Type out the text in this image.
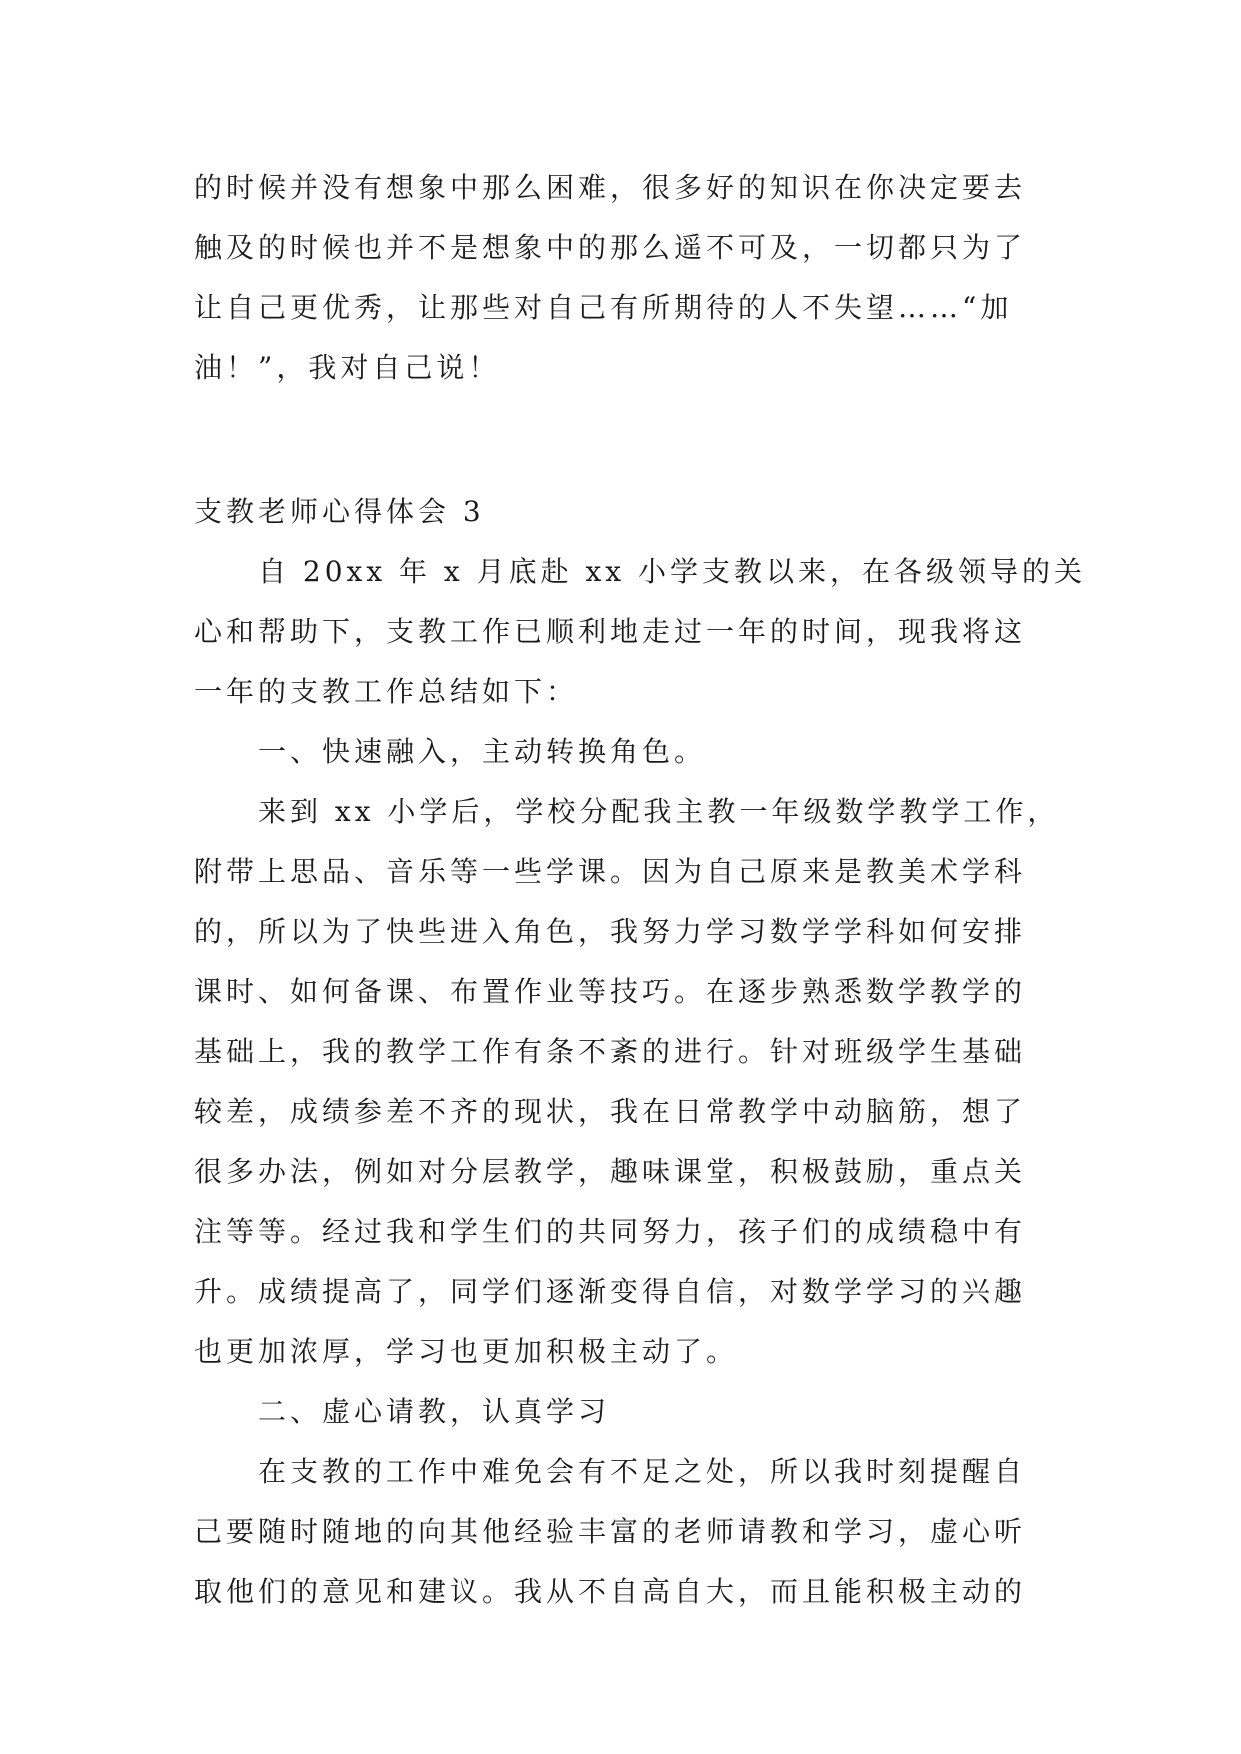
的时候并没有想象中那么困难，很多好的知识在你决定要去
触及的时候也并不是想象中的那么遥不可及，一切都只为了
让自己更优秀，让那些对自己有所期待的人不失望……“加
油！”，我对自己说！
支教老师心得体会 3
自 20xx 年 x 月底赴 xx 小学支教以来，在各级领导的关
心和帮助下，支教工作已顺利地走过一年的时间，现我将这
一年的支教工作总结如下：
一、快速融入，主动转换角色。
来到 xx 小学后，学校分配我主教一年级数学教学工作，
附带上思品、音乐等一些学课。因为自己原来是教美术学科
的，所以为了快些进入角色，我努力学习数学学科如何安排
课时、如何备课、布置作业等技巧。在逐步熟悉数学教学的
基础上，我的教学工作有条不紊的进行。针对班级学生基础
较差，成绩参差不齐的现状，我在日常教学中动脑筋，想了
很多办法，例如对分层教学，趣味课堂，积极鼓励，重点关
注等等。经过我和学生们的共同努力，孩子们的成绩稳中有
升。成绩提高了，同学们逐渐变得自信，对数学学习的兴趣
也更加浓厚，学习也更加积极主动了。
二、虚心请教，认真学习
在支教的工作中难免会有不足之处，所以我时刻提醒自
己要随时随地的向其他经验丰富的老师请教和学习，虚心听
取他们的意见和建议。我从不自高自大，而且能积极主动的
